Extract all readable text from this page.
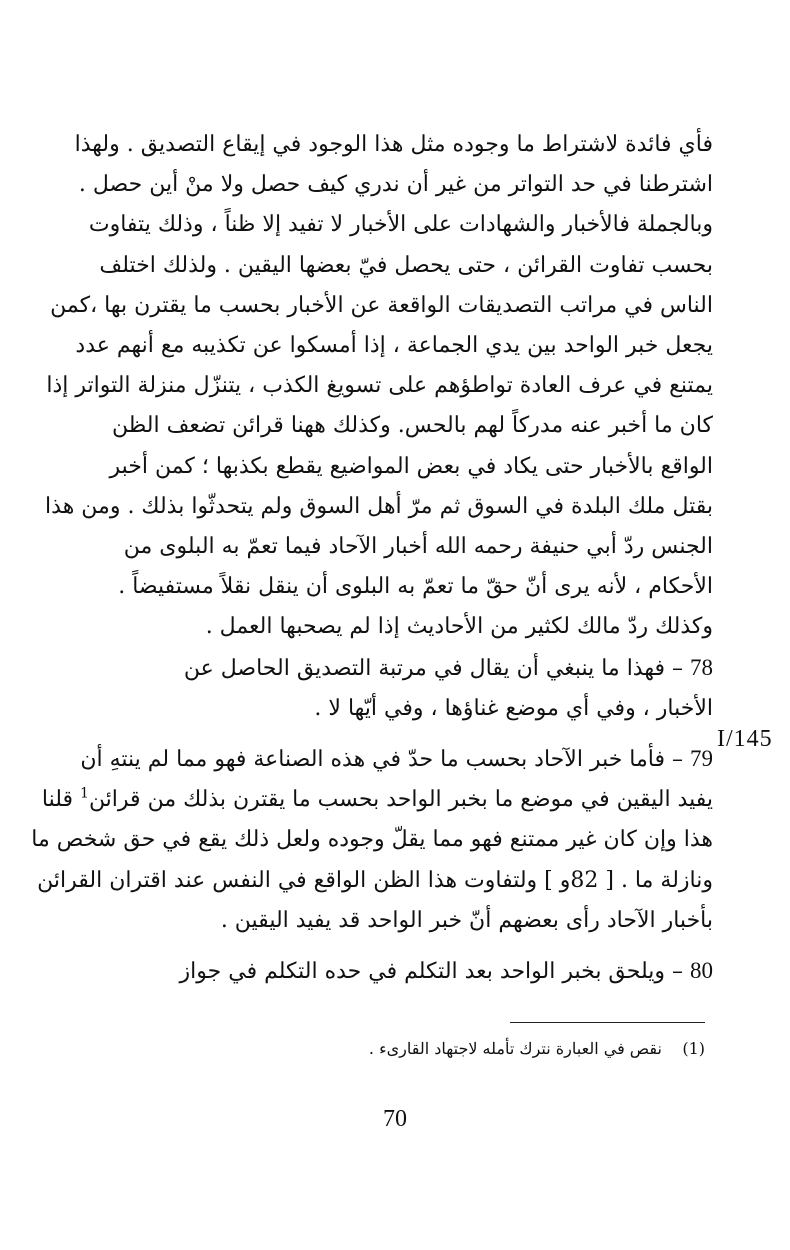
فأي فائدة لاشتراط ما وجوده مثل هذا الوجود في إيقاع التصديق . ولهذا
اشترطنا في حد التواتر من غير أن ندري كيف حصل ولا منْ أين حصل .
وبالجملة فالأخبار والشهادات على الأخبار لا تفيد إلا ظناً ، وذلك يتفاوت
بحسب تفاوت القرائن ، حتى يحصل فيّ بعضها اليقين . ولذلك اختلف
الناس في مراتب التصديقات الواقعة عن الأخبار بحسب ما يقترن بها ،كمن
يجعل خبر الواحد بين يدي الجماعة ، إذا أمسكوا عن تكذيبه مع أنهم عدد
يمتنع في عرف العادة تواطؤهم على تسويغ الكذب ، يتنزّل منزلة التواتر إذا
كان ما أخبر عنه مدركاً لهم بالحس. وكذلك ههنا قرائن تضعف الظن
الواقع بالأخبار حتى يكاد في بعض المواضيع يقطع بكذبها ؛ كمن أخبر
بقتل ملك البلدة في السوق ثم مرّ أهل السوق ولم يتحدثّوا بذلك . ومن هذا
الجنس ردّ أبي حنيفة رحمه الله أخبار الآحاد فيما تعمّ به البلوى من
الأحكام ، لأنه يرى أنّ حقّ ما تعمّ به البلوى أن ينقل نقلاً مستفيضاً .
وكذلك ردّ مالك لكثير من الأحاديث إذا لم يصحبها العمل .

78 – فهذا ما ينبغي أن يقال في مرتبة التصديق الحاصل عن
الأخبار ، وفي أي موضع غناؤها ، وفي أيّها لا .

79 – فأما خبر الآحاد بحسب ما حدّ في هذه الصناعة فهو مما لم ينتهِ أن
يفيد اليقين في موضع ما بخبر الواحد بحسب ما يقترن بذلك من قرائن$^1$ قلنا
هذا وإن كان غير ممتنع فهو مما يقلّ وجوده ولعل ذلك يقع في حق شخص ما
ونازلة ما . [ 82و ] ولتفاوت هذا الظن الواقع في النفس عند اقتران القرائن
بأخبار الآحاد رأى بعضهم أنّ خبر الواحد قد يفيد اليقين .

80 – ويلحق بخبر الواحد بعد التكلم في حده التكلم في جواز

I/145
(1)    نقص في العبارة نترك تأمله لاجتهاد القارىء .
70
